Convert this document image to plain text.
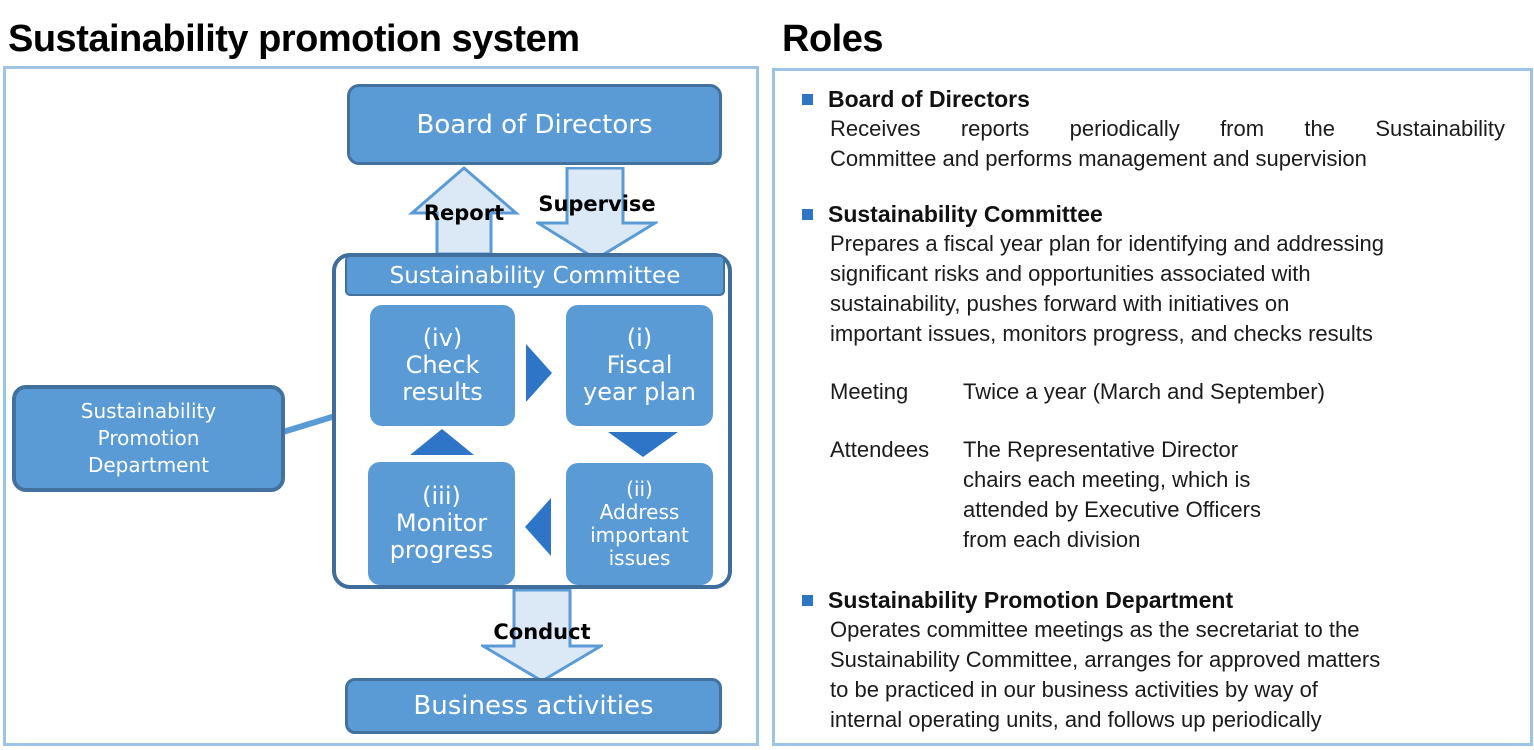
Sustainability promotion system	Roles
Board of Directors
Report	Supervise
Sustainability
Promotion
Department
Sustainability Committee
(iv)
Check
results
(i)
Fiscal
year plan
(iii)
Monitor
progress
(ii)
Address
important
issues
Conduct
Business activities
Board of Directors
Receives reports periodically from the Sustainability
Committee and performs management and supervision
Sustainability Committee
Prepares a fiscal year plan for identifying and addressing
significant risks and opportunities associated with
sustainability, pushes forward with initiatives on
important issues, monitors progress, and checks results
Meeting	Twice a year (March and September)
Attendees	The Representative Director
chairs each meeting, which is
attended by Executive Officers
from each division
Sustainability Promotion Department
Operates committee meetings as the secretariat to the
Sustainability Committee, arranges for approved matters
to be practiced in our business activities by way of
internal operating units, and follows up periodically
